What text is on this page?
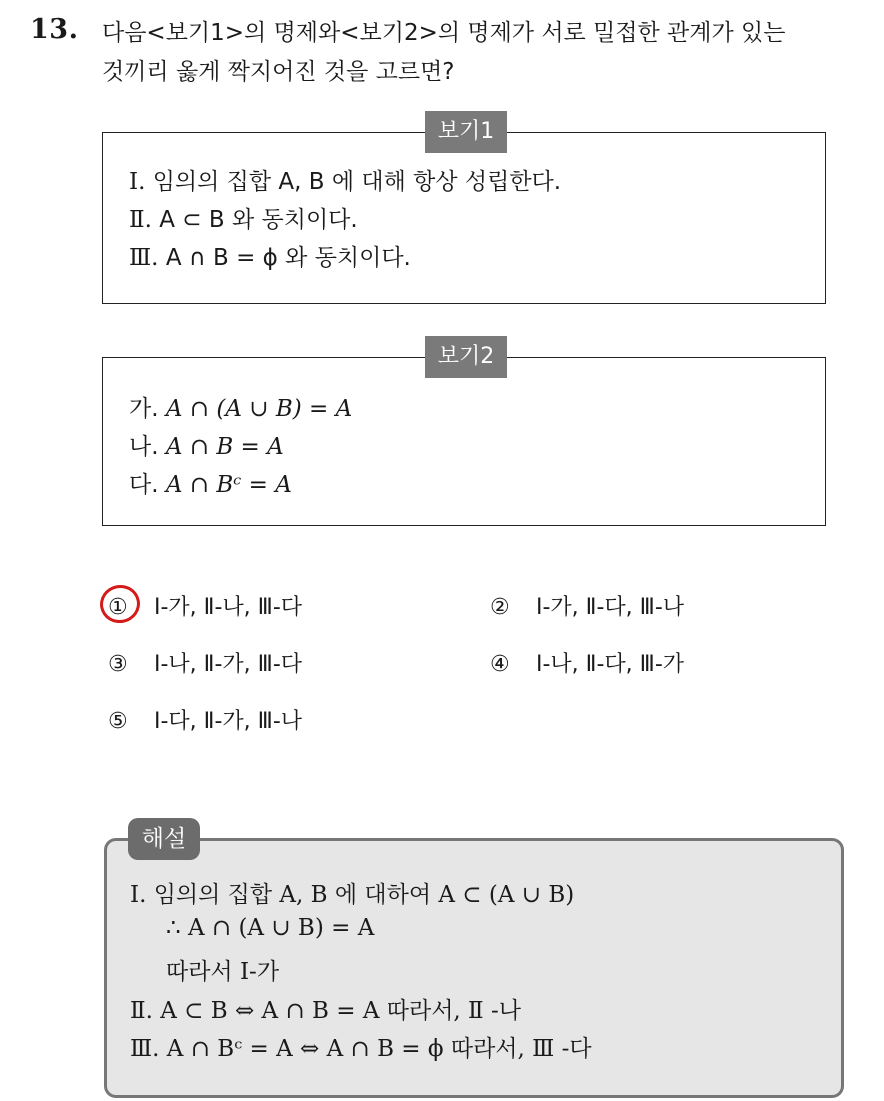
13. 다음<보기1>의 명제와<보기2>의 명제가 서로 밀접한 관계가 있는
것끼리 옳게 짝지어진 것을 고르면?
보기1
Ⅰ. 임의의 집합 A, B 에 대해 항상 성립한다.
Ⅱ. A ⊂ B 와 동치이다.
Ⅲ. A ∩ B = ϕ 와 동치이다.
보기2
가. A ∩ (A ∪ B) = A
나. A ∩ B = A
다. A ∩ Bᶜ = A
① Ⅰ-가, Ⅱ-나, Ⅲ-다	② Ⅰ-가, Ⅱ-다, Ⅲ-나
③ Ⅰ-나, Ⅱ-가, Ⅲ-다	④ Ⅰ-나, Ⅱ-다, Ⅲ-가
⑤ Ⅰ-다, Ⅱ-가, Ⅲ-나
해설
Ⅰ. 임의의 집합 A, B 에 대하여 A ⊂ (A ∪ B)
∴ A ∩ (A ∪ B) = A
따라서 Ⅰ-가
Ⅱ. A ⊂ B ⇔ A ∩ B = A 따라서, Ⅱ -나
Ⅲ. A ∩ Bᶜ = A ⇔ A ∩ B = ϕ 따라서, Ⅲ -다
